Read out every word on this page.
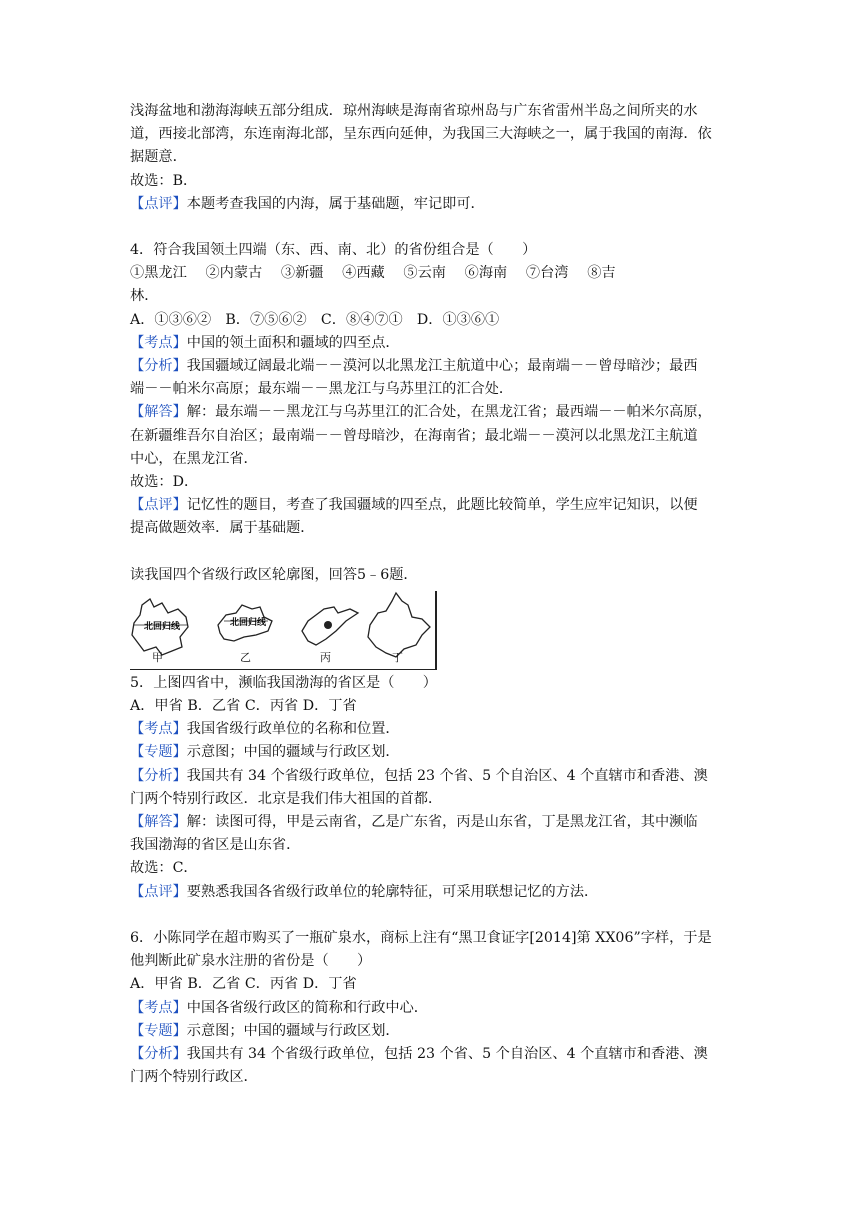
浅海盆地和渤海海峡五部分组成．琼州海峡是海南省琼州岛与广东省雷州半岛之间所夹的水

道，西接北部湾，东连南海北部，呈东西向延伸，为我国三大海峡之一，属于我国的南海．依

据题意．

故选：B．

【点评】本题考查我国的内海，属于基础题，牢记即可．

4．符合我国领土四端（东、西、南、北）的省份组合是（　　）

①黑龙江　 ②内蒙古　 ③新疆　 ④西藏　 ⑤云南　 ⑥海南　 ⑦台湾　 ⑧吉

林．

A．①③⑥②　B．⑦⑤⑥②　C．⑧④⑦①　D．①③⑥①

【考点】中国的领土面积和疆域的四至点．

【分析】我国疆域辽阔最北端－－漠河以北黑龙江主航道中心；最南端－－曾母暗沙；最西

端－－帕米尔高原；最东端－－黑龙江与乌苏里江的汇合处．

【解答】解：最东端－－黑龙江与乌苏里江的汇合处，在黑龙江省；最西端－－帕米尔高原，

在新疆维吾尔自治区；最南端－－曾母暗沙，在海南省；最北端－－漠河以北黑龙江主航道

中心，在黑龙江省．

故选：D．

【点评】记忆性的题目，考查了我国疆域的四至点，此题比较简单，学生应牢记知识，以便

提高做题效率．属于基础题．

读我国四个省级行政区轮廓图，回答5﹣6题．

北回归线	北回归线
甲	乙	丙	丁

5．上图四省中，濒临我国渤海的省区是（　　）

A．甲省 B．乙省 C．丙省 D．丁省

【考点】我国省级行政单位的名称和位置．

【专题】示意图；中国的疆域与行政区划．

【分析】我国共有 34 个省级行政单位，包括 23 个省、5 个自治区、4 个直辖市和香港、澳

门两个特别行政区．北京是我们伟大祖国的首都．

【解答】解：读图可得，甲是云南省，乙是广东省，丙是山东省，丁是黑龙江省，其中濒临

我国渤海的省区是山东省．

故选：C．

【点评】要熟悉我国各省级行政单位的轮廓特征，可采用联想记忆的方法．

6．小陈同学在超市购买了一瓶矿泉水，商标上注有“黑卫食证字[2014]第 XX06”字样，于是

他判断此矿泉水注册的省份是（　　）

A．甲省 B．乙省 C．丙省 D．丁省

【考点】中国各省级行政区的简称和行政中心．

【专题】示意图；中国的疆域与行政区划．

【分析】我国共有 34 个省级行政单位，包括 23 个省、5 个自治区、4 个直辖市和香港、澳

门两个特别行政区．
